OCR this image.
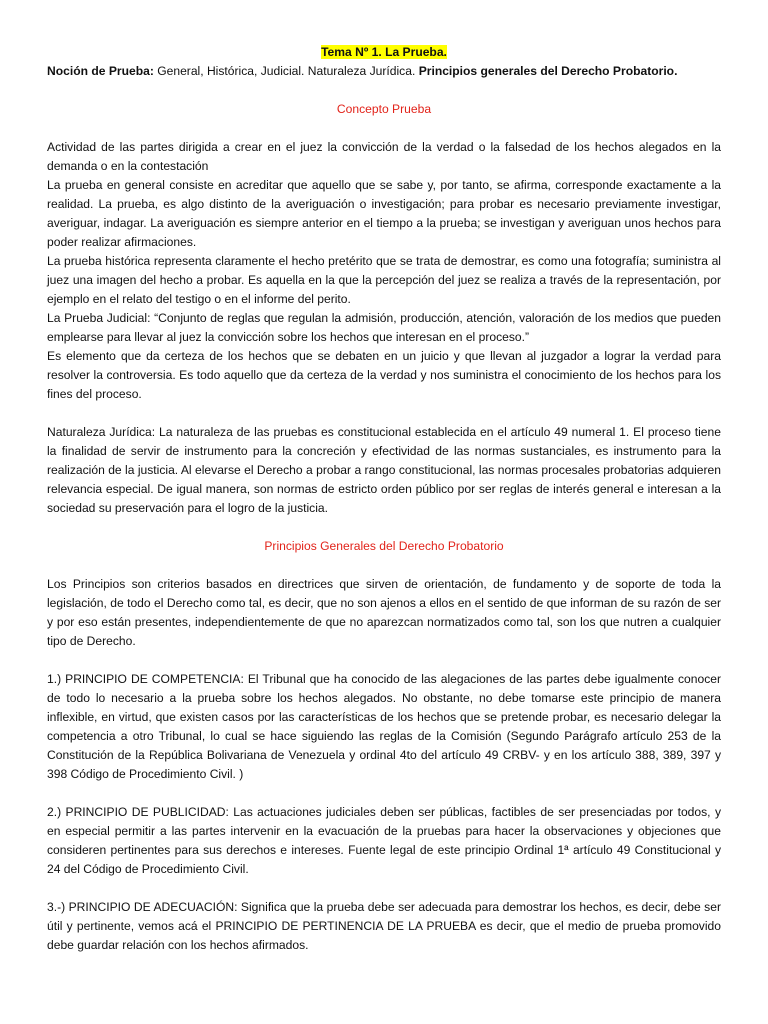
Tema Nº 1. La Prueba.
Noción de Prueba: General, Histórica, Judicial. Naturaleza Jurídica. Principios generales del Derecho Probatorio.
Concepto Prueba

Actividad de las partes dirigida a crear en el juez la convicción de la verdad o la falsedad de los hechos alegados en la demanda o en la contestación

La prueba en general consiste en acreditar que aquello que se sabe y, por tanto, se afirma, corresponde exactamente a la realidad. La prueba, es algo distinto de la averiguación o investigación; para probar es necesario previamente investigar, averiguar, indagar. La averiguación es siempre anterior en el tiempo a la prueba; se investigan y averiguan unos hechos para poder realizar afirmaciones.

La prueba histórica representa claramente el hecho pretérito que se trata de demostrar, es como una fotografía; suministra al juez una imagen del hecho a probar. Es aquella en la que la percepción del juez se realiza a través de la representación, por ejemplo en el relato del testigo o en el informe del perito.

La Prueba Judicial: “Conjunto de reglas que regulan la admisión, producción, atención, valoración de los medios que pueden emplearse para llevar al juez la convicción sobre los hechos que interesan en el proceso.”

Es elemento que da certeza de los hechos que se debaten en un juicio y que llevan al juzgador a lograr la verdad para resolver la controversia. Es todo aquello que da certeza de la verdad y nos suministra el conocimiento de los hechos para los fines del proceso.

Naturaleza Jurídica: La naturaleza de las pruebas es constitucional establecida en el artículo 49 numeral 1. El proceso tiene la finalidad de servir de instrumento para la concreción y efectividad de las normas sustanciales, es instrumento para la realización de la justicia. Al elevarse el Derecho a probar a rango constitucional, las normas procesales probatorias adquieren relevancia especial. De igual manera, son normas de estricto orden público por ser reglas de interés general e interesan a la sociedad su preservación para el logro de la justicia.

Principios Generales del Derecho Probatorio

Los Principios son criterios basados en directrices que sirven de orientación, de fundamento y de soporte de toda la legislación, de todo el Derecho como tal, es decir, que no son ajenos a ellos en el sentido de que informan de su razón de ser y por eso están presentes, independientemente de que no aparezcan normatizados como tal, son los que nutren a cualquier tipo de Derecho.

1.) PRINCIPIO DE COMPETENCIA: El Tribunal que ha conocido de las alegaciones de las partes debe igualmente conocer de todo lo necesario a la prueba sobre los hechos alegados. No obstante, no debe tomarse este principio de manera inflexible, en virtud, que existen casos por las características de los hechos que se pretende probar, es necesario delegar la competencia a otro Tribunal, lo cual se hace siguiendo las reglas de la Comisión (Segundo Parágrafo artículo 253 de la Constitución de la República Bolivariana de Venezuela y ordinal 4to del artículo 49 CRBV- y en los artículo 388, 389, 397 y 398 Código de Procedimiento Civil. )

2.) PRINCIPIO DE PUBLICIDAD: Las actuaciones judiciales deben ser públicas, factibles de ser presenciadas por todos, y en especial permitir a las partes intervenir en la evacuación de la pruebas para hacer la observaciones y objeciones que consideren pertinentes para sus derechos e intereses. Fuente legal de este principio Ordinal 1ª artículo 49 Constitucional y 24 del Código de Procedimiento Civil.

3.-) PRINCIPIO DE ADECUACIÓN: Significa que la prueba debe ser adecuada para demostrar los hechos, es decir, debe ser útil y pertinente, vemos acá el PRINCIPIO DE PERTINENCIA DE LA PRUEBA es decir, que el medio de prueba promovido debe guardar relación con los hechos afirmados.
